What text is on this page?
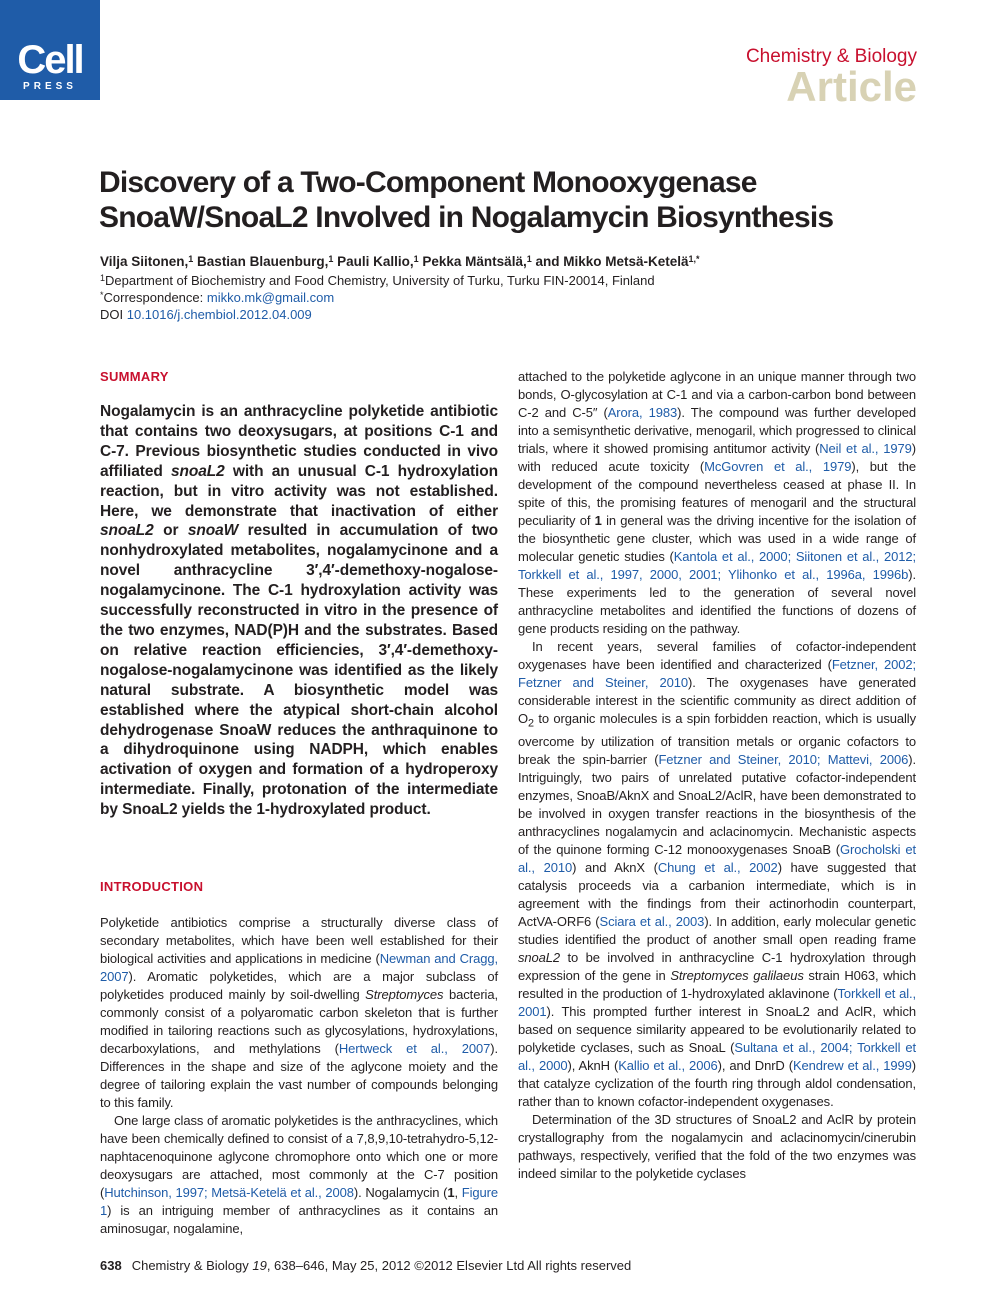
Cell
PRESS
Chemistry & Biology
Article
Discovery of a Two-Component Monooxygenase SnoaW/SnoaL2 Involved in Nogalamycin Biosynthesis
Vilja Siitonen,$^1$ Bastian Blauenburg,$^1$ Pauli Kallio,$^1$ Pekka Mäntsälä,$^1$ and Mikko Metsä-Ketelä$^{1,*}$
$^1$Department of Biochemistry and Food Chemistry, University of Turku, Turku FIN-20014, Finland
*Correspondence: mikko.mk@gmail.com
DOI 10.1016/j.chembiol.2012.04.009
SUMMARY

Nogalamycin is an anthracycline polyketide antibiotic that contains two deoxysugars, at positions C-1 and C-7. Previous biosynthetic studies conducted in vivo affiliated snoaL2 with an unusual C-1 hydroxylation reaction, but in vitro activity was not established. Here, we demonstrate that inactivation of either snoaL2 or snoaW resulted in accumulation of two nonhydroxylated metabolites, nogalamycinone and a novel anthracycline 3′,4′-demethoxy-nogalose-nogalamycinone. The C-1 hydroxylation activity was successfully reconstructed in vitro in the presence of the two enzymes, NAD(P)H and the substrates. Based on relative reaction efficiencies, 3′,4′-demethoxy-nogalose-nogalamycinone was identified as the likely natural substrate. A biosynthetic model was established where the atypical short-chain alcohol dehydrogenase SnoaW reduces the anthraquinone to a dihydroquinone using NADPH, which enables activation of oxygen and formation of a hydroperoxy intermediate. Finally, protonation of the intermediate by SnoaL2 yields the 1-hydroxylated product.

INTRODUCTION

Polyketide antibiotics comprise a structurally diverse class of secondary metabolites, which have been well established for their biological activities and applications in medicine (Newman and Cragg, 2007). Aromatic polyketides, which are a major subclass of polyketides produced mainly by soil-dwelling Streptomyces bacteria, commonly consist of a polyaromatic carbon skeleton that is further modified in tailoring reactions such as glycosylations, hydroxylations, decarboxylations, and methylations (Hertweck et al., 2007). Differences in the shape and size of the aglycone moiety and the degree of tailoring explain the vast number of compounds belonging to this family.

One large class of aromatic polyketides is the anthracyclines, which have been chemically defined to consist of a 7,8,9,10-tetrahydro-5,12-naphtacenoquinone aglycone chromophore onto which one or more deoxysugars are attached, most commonly at the C-7 position (Hutchinson, 1997; Metsä-Ketelä et al., 2008). Nogalamycin (1, Figure 1) is an intriguing member of anthracyclines as it contains an aminosugar, nogalamine,

attached to the polyketide aglycone in an unique manner through two bonds, O-glycosylation at C-1 and via a carbon-carbon bond between C-2 and C-5″ (Arora, 1983). The compound was further developed into a semisynthetic derivative, menogaril, which progressed to clinical trials, where it showed promising antitumor activity (Neil et al., 1979) with reduced acute toxicity (McGovren et al., 1979), but the development of the compound nevertheless ceased at phase II. In spite of this, the promising features of menogaril and the structural peculiarity of 1 in general was the driving incentive for the isolation of the biosynthetic gene cluster, which was used in a wide range of molecular genetic studies (Kantola et al., 2000; Siitonen et al., 2012; Torkkell et al., 1997, 2000, 2001; Ylihonko et al., 1996a, 1996b). These experiments led to the generation of several novel anthracycline metabolites and identified the functions of dozens of gene products residing on the pathway.

In recent years, several families of cofactor-independent oxygenases have been identified and characterized (Fetzner, 2002; Fetzner and Steiner, 2010). The oxygenases have generated considerable interest in the scientific community as direct addition of $O_2$ to organic molecules is a spin forbidden reaction, which is usually overcome by utilization of transition metals or organic cofactors to break the spin-barrier (Fetzner and Steiner, 2010; Mattevi, 2006). Intriguingly, two pairs of unrelated putative cofactor-independent enzymes, SnoaB/AknX and SnoaL2/AclR, have been demonstrated to be involved in oxygen transfer reactions in the biosynthesis of the anthracyclines nogalamycin and aclacinomycin. Mechanistic aspects of the quinone forming C-12 monooxygenases SnoaB (Grocholski et al., 2010) and AknX (Chung et al., 2002) have suggested that catalysis proceeds via a carbanion intermediate, which is in agreement with the findings from their actinorhodin counterpart, ActVA-ORF6 (Sciara et al., 2003). In addition, early molecular genetic studies identified the product of another small open reading frame snoaL2 to be involved in anthracycline C-1 hydroxylation through expression of the gene in Streptomyces galilaeus strain H063, which resulted in the production of 1-hydroxylated aklavinone (Torkkell et al., 2001). This prompted further interest in SnoaL2 and AclR, which based on sequence similarity appeared to be evolutionarily related to polyketide cyclases, such as SnoaL (Sultana et al., 2004; Torkkell et al., 2000), AknH (Kallio et al., 2006), and DnrD (Kendrew et al., 1999) that catalyze cyclization of the fourth ring through aldol condensation, rather than to known cofactor-independent oxygenases.

Determination of the 3D structures of SnoaL2 and AclR by protein crystallography from the nogalamycin and aclacinomycin/cinerubin pathways, respectively, verified that the fold of the two enzymes was indeed similar to the polyketide cyclases

638 Chemistry & Biology 19, 638–646, May 25, 2012 ©2012 Elsevier Ltd All rights reserved
